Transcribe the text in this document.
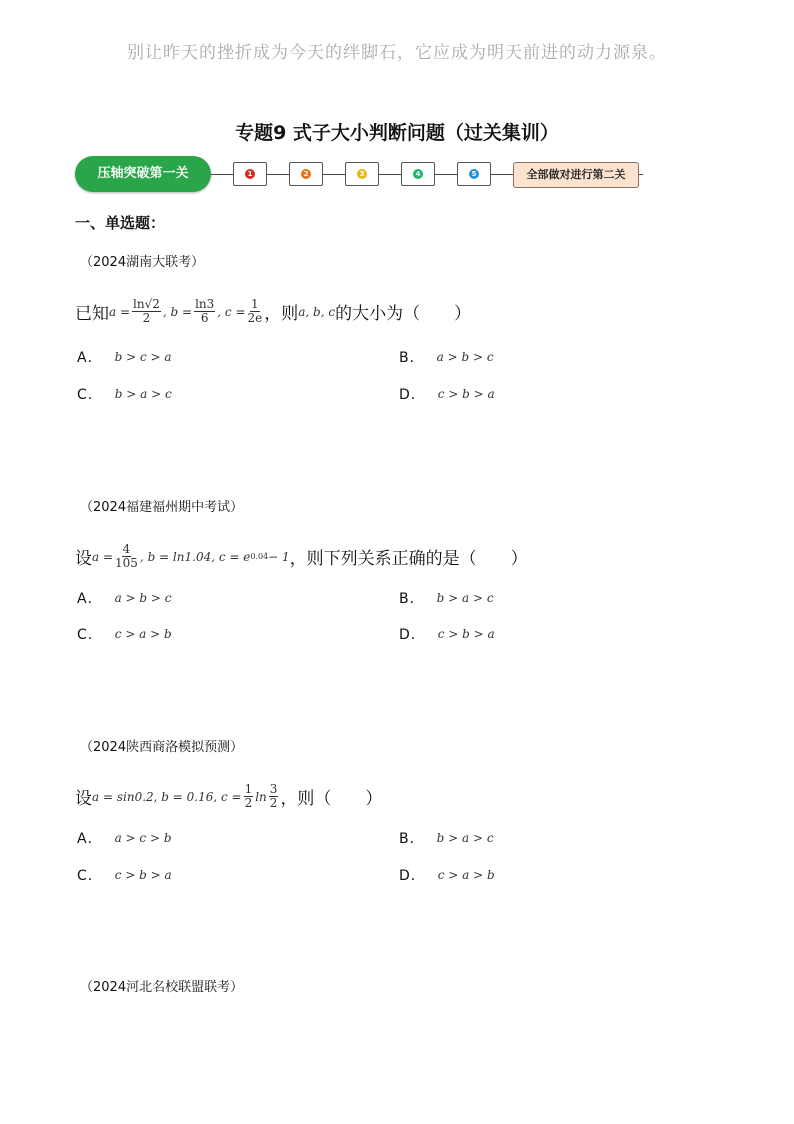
别让昨天的挫折成为今天的绊脚石，它应成为明天前进的动力源泉。
专题9 式子大小判断问题（过关集训）
压轴突破第一关	1	2	3	4	5	全部做对进行第二关
一、单选题：
（2024湖南大联考）
已知 $a = \frac{\ln√2}{2}$ , $b = \frac{\ln 3}{6}$ , $c = \frac{1}{2e}$ ，则 a, b, c 的大小为（　　）
A． b > c > a	B． a > b > c
C． b > a > c	D． c > b > a
（2024福建福州期中考试）
设 $a = \frac{4}{105}$ , b = ln1.04, c = e 0.04 − 1 ，则下列关系正确的是（　　）
A． a > b > c	B． b > a > c
C． c > a > b	D． c > b > a
（2024陕西商洛模拟预测）
设 a = sin0.2, b = 0.16, $c = \frac{1}{2}$ $\ln \frac{3}{2}$ ，则（　　）
A． a > c > b	B． b > a > c
C． c > b > a	D． c > a > b
（2024河北名校联盟联考）
